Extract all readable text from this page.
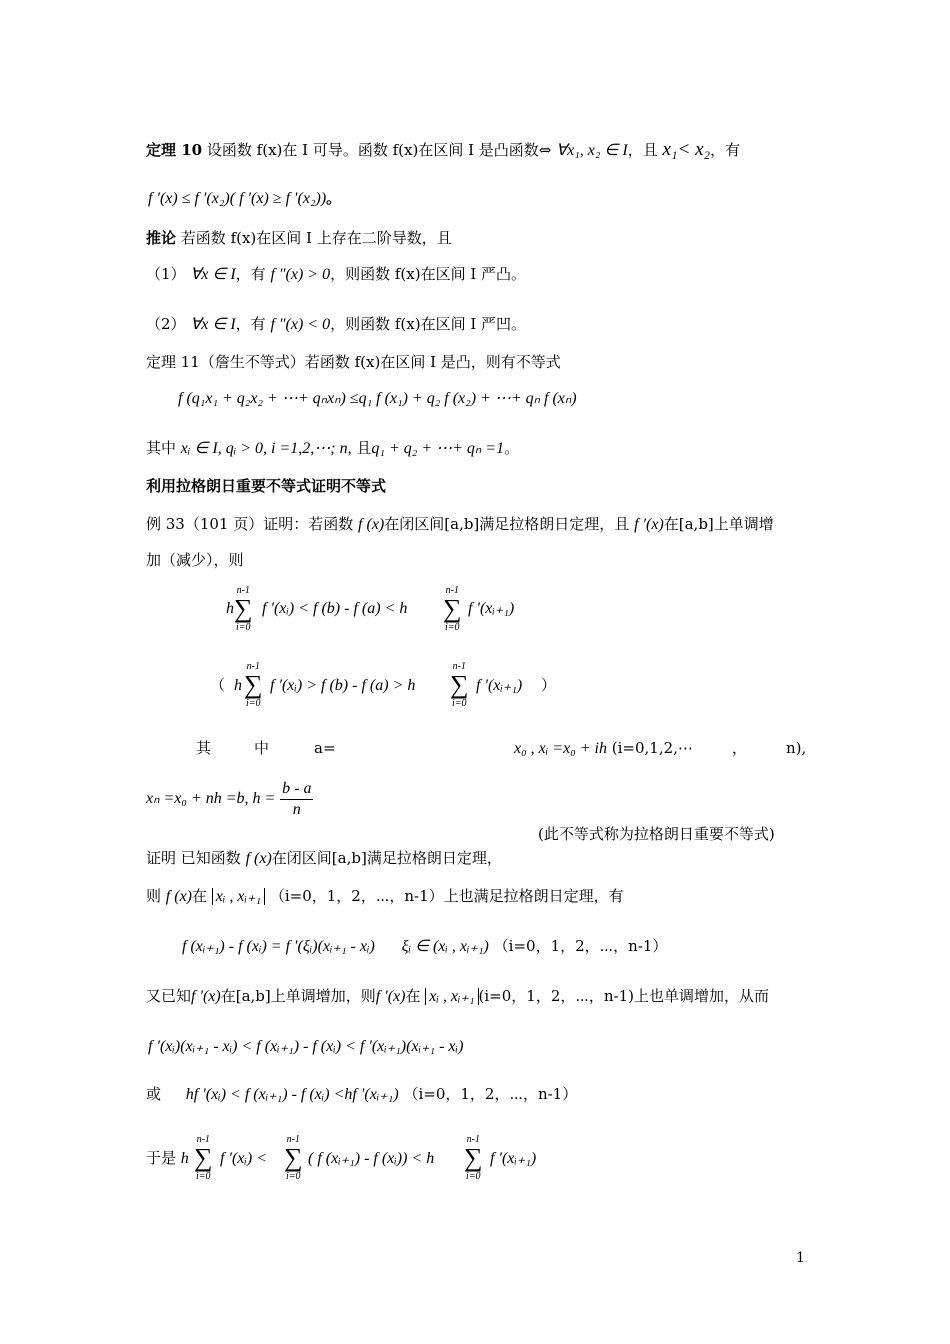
定理 10 设函数 f(x)在 I 可导。函数 f(x)在区间 I 是凸函数⇔ ∀x₁, x₂ ∈ I，且 x₁< x₂，有
f ′(x) ≤ f ′(x₂)( f ′(x) ≥ f ′(x₂))。
推论 若函数 f(x)在区间 I 上存在二阶导数，且
（1） ∀x ∈ I，有 f ″(x) > 0，则函数 f(x)在区间 I 严凸。
（2） ∀x ∈ I，有 f ″(x) < 0，则函数 f(x)在区间 I 严凹。
定理 11（詹生不等式）若函数 f(x)在区间 I 是凸，则有不等式
f (q₁x₁ + q₂x₂ + ⋯+ qₙxₙ) ≤q₁ f (x₁) + q₂ f (x₂) + ⋯+ qₙ f (xₙ)
其中 xᵢ ∈ I, qᵢ > 0, i =1,2,⋯; n, 且q₁ + q₂ + ⋯+ qₙ =1。
利用拉格朗日重要不等式证明不等式
例 33（101 页）证明：若函数 f (x)在闭区间[a,b]满足拉格朗日定理，且 f ′(x)在[a,b]上单调增
加（减少），则
h
n-1
∑
i=0
f ′(xᵢ) < f (b) - f (a) < h
n-1
∑
i=0
f ′(xᵢ₊₁)
（ h
n-1
∑
i=0
f ′(xᵢ) > f (b) - f (a) > h
n-1
∑
i=0
f ′(xᵢ₊₁) ）
其	中	a=	x₀ , xᵢ =x₀ + ih (i=0,1,2,⋯	，	n),
xₙ =x₀ + nh =b, $h = \frac{b - a}{n}$
(此不等式称为拉格朗日重要不等式)
证明 已知函数 f (x)在闭区间[a,b]满足拉格朗日定理，
则 f (x)在 xᵢ , xᵢ₊₁ （i=0，1，2，⋯，n-1）上也满足拉格朗日定理，有
f (xᵢ₊₁) - f (xᵢ) = f ′(ξᵢ)(xᵢ₊₁ - xᵢ) ξᵢ ∈ (xᵢ , xᵢ₊₁) （i=0，1，2，⋯，n-1）
又已知f ′(x)在[a,b]上单调增加，则f ′(x)在 xᵢ , xᵢ₊₁ (i=0，1，2，⋯，n-1)上也单调增加，从而
f ′(xᵢ)(xᵢ₊₁ - xᵢ) < f (xᵢ₊₁) - f (xᵢ) < f ′(xᵢ₊₁)(xᵢ₊₁ - xᵢ)
或 hf ′(xᵢ) < f (xᵢ₊₁) - f (xᵢ) <hf ′(xᵢ₊₁) （i=0，1，2，⋯，n-1）
于是 h
n-1
∑
i=0
f ′(xᵢ) <
n-1
∑
i=0
( f (xᵢ₊₁) - f (xᵢ)) < h
n-1
∑
i=0
f ′(xᵢ₊₁)
1
